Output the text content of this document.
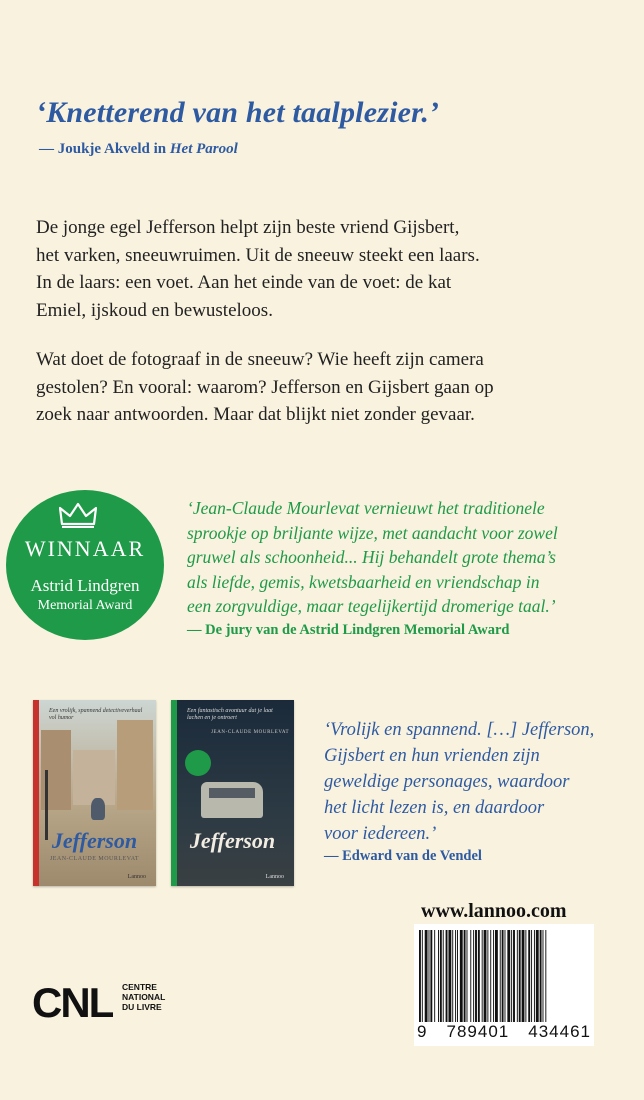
‘Knetterend van het taalplezier.’

— Joukje Akveld in Het Parool
De jonge egel Jefferson helpt zijn beste vriend Gijsbert,
het varken, sneeuwruimen. Uit de sneeuw steekt een laars.
In de laars: een voet. Aan het einde van de voet: de kat
Emiel, ijskoud en bewusteloos.
Wat doet de fotograaf in de sneeuw? Wie heeft zijn camera
gestolen? En vooral: waarom? Jefferson en Gijsbert gaan op
zoek naar antwoorden. Maar dat blijkt niet zonder gevaar.
WINNAAR
Astrid Lindgren
Memorial Award
‘Jean-Claude Mourlevat vernieuwt het traditionele
sprookje op briljante wijze, met aandacht voor zowel
gruwel als schoonheid... Hij behandelt grote thema’s
als liefde, gemis, kwetsbaarheid en vriendschap in
een zorgvuldige, maar tegelijkertijd dromerige taal.’
— De jury van de Astrid Lindgren Memorial Award
Een vrolijk, spannend detectiveverhaal vol humor
Jefferson
JEAN-CLAUDE MOURLEVAT
Lannoo
Een fantastisch avontuur dat je laat lachen en je ontroert
JEAN-CLAUDE MOURLEVAT
Jefferson
Lannoo
‘Vrolijk en spannend. […] Jefferson,
Gijsbert en hun vrienden zijn
geweldige personages, waardoor
het licht lezen is, en daardoor
voor iedereen.’
— Edward van de Vendel
www.lannoo.com
9 789401 434461
CNL CENTRE
NATIONAL
DU LIVRE
